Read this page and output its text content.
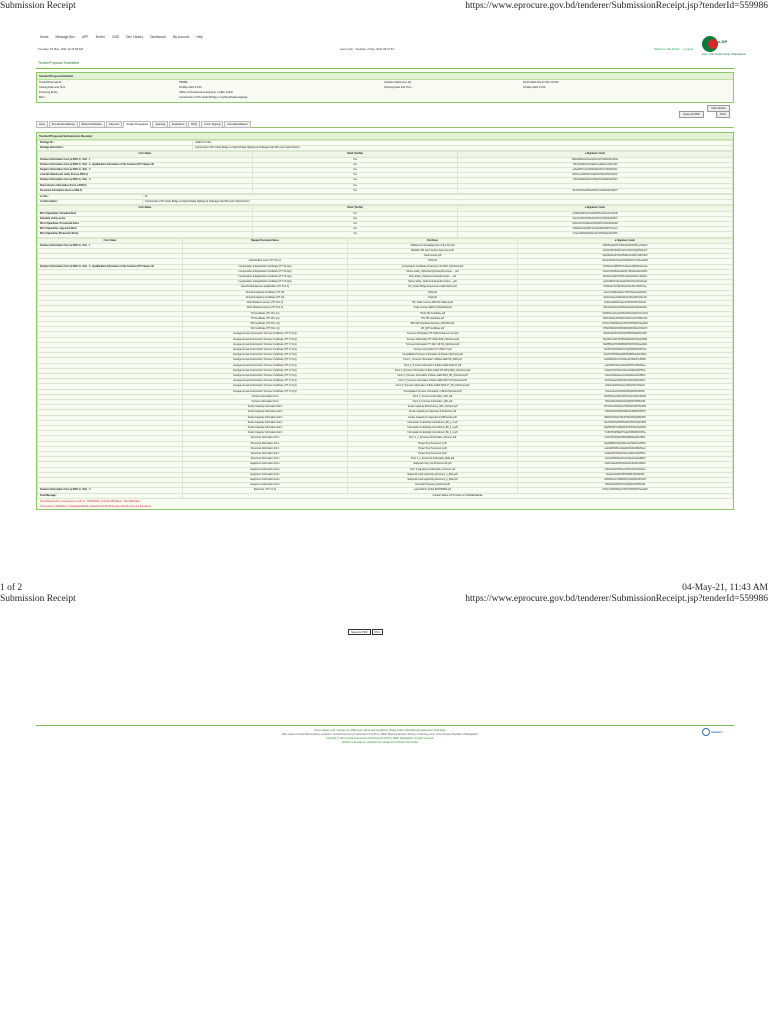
Submission Receipt	https://www.eprocure.gov.bd/tenderer/SubmissionReceipt.jsp?tenderId=559986
Home Message Box APP Tender CMS Dev. History Dashboard My Account Help
e-GP
Govt. of the People's Rep. of Bangladesh
Tuesday, 04 May, 2021 11:42:58 AM	Last Login : Tuesday, 4 May, 2021 09:47:51	Welcome, Mir Fazlul ... | Logout
Tender/Proposal Submitted
Tender/Proposal Details
Tender/Proposal ID :	559986	Invitation Reference No :	46.02.9100.031.07.001.20-300
Closing Date and Time :	18-May-2021 12:00	Opening Date and Time :	18-May-2021 12:00
Procuring Entity :	Office of the Executive Engineer, LGED, Sylhet
Brief :	Construction of PC Girder Bridge on Sylhet-Dhaka Highway...
View Notice
Save As PDF	Print
Docs	Pre-Tender Meeting	Bank Certification	Payment	Tender Preparation	Opening	Evaluation	BOQ	Contr. Signing	Complaint/Report
Tender/Proposal Submission Receipt
Package No. :	LGED-SYL-001
Package Description :	Construction of PC Girder Bridge on Sylhet-Dhaka Highway at Chainage 122+500 under Sylhet District
Form Name	Filled (Yes/No)	e-Signature / Hash
Tenderer Information Form (e-PW2-1) - Part - 1	Yes	88d1d6598e4eb5a1c0e8b4c91f75d9b25b14a61a
Tenderer Information Form (e-PW2-1) - Part - 2 - Qualification Information of the Tenderer (ITT Clause 16)	Yes	7f9c3a1b82bd5c0e19a6f7e14d8be2c33a5719f0
Tenderer Information Form (e-PW2-1) - Part - 3	Yes	a16ae8f5b7e2c04d5319fa8e6bd71c5f02934c81
e-Tender Submission Letter Form (e-PW2-1)	Yes	b8d4c1ea0f926b37e5a18c3d7f49e62b5d1c80a7
Tenderer Information Form (e-PW2-1) - Part - 4	Yes	c1f57e3a9d04b8e21c6f5a97b3e0d84c6a27f915
Subcontractor Information (Form e-PW2-5)	Yes	
Personnel Information (Form e-PW2-4)	Yes	d5e27b09c4a16f83e92b5d7c1a0f46e8b3c95d27
Lot No. :	01
Lot Description :	Construction of PC Girder Bridge on Sylhet-Dhaka Highway at Chainage 122+500 under Sylhet District
Form Name	Filled (Yes/No)	e-Signature / Hash
Bill of Quantities: Schedule Work	Yes	e93a6b5d2f8c417e0a9d3b6f5c28e41a7b0d9c36
Schedule of Day works	Yes	f18c4d7a0b6e953f2c8a1d5b7e04f39c6a2d8b15
Bill of Quantities: Provisional Sums	Yes	0a5e9c3b7d1f284e6c0b3a9d5f71e28c4b6a0d93
Bill of Quantities: Approach Work	Yes	1b6f0d4c8e2a395f7d1c4b0e6a82f39d5c7b1ea4
Bill of Quantities (Protection Work)	Yes	2c7a1e5d9f3b406a8e2d5c1f7b93a40e6d8c2fb5
Form Name	Mapped Document Name	File Name	e-Signature / Hash
Tenderer Information Form (e-PW2-1) - Part - 1		Affidavit & Undertaking letter of the firm.pdf	3d8b2f6eaa04517b9f3e6d2a8c0b4f51e7d9a3c6
		Mahaber Mfr Joint Venture Agreement.pdf	4e9c3a7f0b15628c0a4f7e3b9d1c5a62f8e0b4d7
		Trade license.pdf	5fad4b8a1c26739d1b5a8f4c0e2d6b73a9f1c5e8
	Authorization Letter (ITT 18.1.c)	POA.pdf	6abe5c9b2d3784ae2c6b9a5d1f3e7c84baa2d6f9
Tenderer Information Form (e-PW2-1) - Part - 2 - Qualification Information of the Tenderer (ITT Clause 16)	Incorporation & Registration Certificate (ITT 16.1(a))	Incorporation Certificate of Farmers Ltd 2020_Optimized.pdf	7bcf6dac3e4895bf3d7cab6e2a4f8d95cbb3e7aa
	Incorporation & Registration Certificate (ITT 16.1(a))	Memo article_Optimized (2)-ilovepdf-compre... .pdf	8cda7ebd4f59a6ca4e8dbc7f3b5a9ea6dcc4f8bb
	Incorporation & Registration Certificate (ITT 16.1(a))	Mem article_Optimized ilovepdf-compre... .pdf	9deb8fce5a6ab7db5f9ecd8a4c6bafb7edd5a9cc
	Incorporation & Registration Certificate (ITT 16.1(a))	Memo article_Optimized ilovepdf-compre... .pdf	aefc9adf6b7bc8ec6aafde9b5d7cb0c8fee6badd
	Specific Manufacturer Qualification (ITT 16.1.3)	PC_Girder Bridge Experience LGED Sylhet.pdf	bf0daba07c8cd9fd7bb0ef0c6e8dc1d90ff7cbee
	Financial Capacity Certificate (ITT 18)	PQA.pdf	c01ebcb18d9deafe8cc1f01d7f9ed2ea10a8dcff
	Financial Capacity Certificate (ITT 18)	PQA.pdf	d12fcdc29eaefb0f9dd20e2e80aef3fb21b9ed10
	Work Related Licences (ITT 18.1.h)	VR_Trade License 2020-21 Fhakera.pdf	e230ded3afbf0c10aee31f3f91bf04fc32cafe21
	Work Related Licences (ITT 18.1.h)	Trade License 2020-21 Shoktisitfy.pdf	f341efe4b0c01d21bff4204aa2c015ad43dbaf32
	TIN Certificate (ITT 18.1.(c))	TIN E-TIN Certificate.pdf	0452f0f5c1d12e32c005315bb3d126be54ecb043
	TIN Certificate (ITT 18.1.(c))	TIN TIN Certificate.pdf	1563010a62e23f43d116426cc4e237cf65fdc154
	VAT Certificate (ITT 18.1.(c))	BIN VAT Certificate Farmers_2021 BIN.pdf	267412178f3f4054e2275370d5f348d076aed265
	VAT Certificate (ITT 18.1.(c))	VR_VAT Certificate.pdf	3785232890405165f338648f1f0459e187bfe376
	Average Annual Construction Turnover Certificate (ITT 17.1(c))	Turnover Information ITT 2019-20 Farmers Ltd.pdf	4896343901516276f449759f2f156af298c0f487
	Average Annual Construction Turnover Certificate (ITT 17.1(c))	Turnover Information ITT 2018-2019_Optimized.pdf	59a7454a12627387f55a86af3f267bf3a9d1f598
	Average Annual Construction Turnover Certificate (ITT 17.1(c))	Turnover Information ITT 2017-18 VR_Optimized.pdf	6ab8565b23738498f66b97bf4f378cf4bae2f6a9
	Average Annual Construction Turnover Certificate (ITT 17.1(c))	Turnover Information ITT 2016-17.pdf	7bc9676c348495a9f77ca8cf5f489df5cbf3f7ba
	Average Annual Construction Turnover Certificate (ITT 17.1(c))	Consolidated Turnover Information of Shaker Optimized.pdf	8cda787d45960abaf88db9df6f59aef6dcf4f8cb
	Average Annual Construction Turnover Certificate (ITT 17.1(c))	Form 1_Turnover information of Bola LGED VR_2020.pdf	9deb898e56a71bcbf99eca0f7f6abff7edf5f9dc
	Average Annual Construction Turnover Certificate (ITT 17.1(c))	Form 2_Turnover Information of Bola LGED 2020-21.pdf	aefc9a9f67b82cdc0aafdb1f8f7bc0f8fef6faed
	Average Annual Construction Turnover Certificate (ITT 17.1(c))	Form 3_Turnover Information of Bola LGED VR 2019-2020_Optimized.pdf	bf0dabaf78c93ded1bb0ec2f9f8cd1f90ff7fbfe
	Average Annual Construction Turnover Certificate (ITT 17.1(c))	Form 4_Turnover Information of Bola LGED 2018_VR_Optimized.pdf	c01ebcbf89da4efe2cc1fd3fafade2fa10f8fc0f
	Average Annual Construction Turnover Certificate (ITT 17.1(c))	Form 5_Turnover Information of Bola LGED 2017-18 Optimized.pdf	d12fcdcf9aeb5f0f3dd20e4fbfbef3fb21f9fd10
	Average Annual Construction Turnover Certificate (ITT 17.1(c))	Form 6_Turnover Information of Bola LGED 2016-17_VR_Optimized.pdf	e230dedfabfc6f10aee31f5fcfcf04fc32fafe21
	Average Annual Construction Turnover Certificate (ITT 17.1(c))	Consolidated Turnover Information of Bola Optimized.pdf	f341efefbc0d7f21bff4206fdfd015fd43fbff32
	Turnover Information Form	Form 1_Turnover information_GPL.pdf	0452f0f0cd1e8f32c005317fe0e126fe54fcf043
	Turnover Information Form	Form 2_Turnover Information_GPL.pdf	1563010fde2f9f43d116428ff1f237ff65fdf154
	Tender Capacity Information Form	Tender Capacity Performance_GPL_Farmers.pdf	2674121fef30af54e227539f02f348f076fef265
	Tender Capacity Information Form	Tender Capacity for Approach & Protection.pdf	378523200f41bf65f33864af13f459f187fff376
	Tender Capacity Information Form	Tender Capacity for Approach & PROtection.pdf	4896343f1052cf76f44975bf24f56af298f0f487
	Tender Capacity Information Form	Information for Existing Commitment_Bit_1_1.pdf	59a7454f2163df87f55a86cf35f67bf3a9f1f598
	Tender Capacity Information Form	Information for Existing Commitment_Bit_2_1.pdf	6ab8565f3274ef98f66b97df46f78cf4baf2f6a9
	Tender Capacity Information Form	Information for Existing Commitment_Bit_3_1.pdf	7bc9676f4385ffa9f77ca8ef57f89df5cbf3f7ba
	Personnel Information Form	Form 1_1_Personnel Information_Farmers.pdf	8cda787f5496fab0f88db9ff68f9aef6dcf4f8cb
	Personnel Information Form	Project Key Personnel 1.pdf	9deb898f65a70bc1f99eca0f79fabff7edf5f9dc
	Personnel Information Form	Project Key Personnel 2.pdf	aefc9a9f76b81cd20aafdb1f8afbc0f8fef6faed
	Personnel Information Form	Project Key Personnel 3.pdf	bf0dabaf87c92de31bb0ec2f9bfcd1f90ff7fbfe
	Personnel Information Form	Form 1_1_Personnel Information_Bola.pdf	c01ebcbf98da3ef42cc1fd3facfde2fa10f8fc0f
	Equipment Information Form	Equipment Key List Personnel 01.pdf	d12fcdcfa9eb4f053dd20e4fbdfef3fb21f9fd10
	Equipment Information Form	Form 5_Equipment Information_Farmers.pdf	e230dedfbafc5f164ee31f5fcefb04fc32fafe21
	Equipment Information Form	Equipment and supporting document_1_Bola.pdf	f341efefcb0d6f275ff4206fdffc15fd43fbff32
	Equipment Information Form	Equipment and supporting document_2_Bola.pdf	0452f0f0dc1e7f386005317fe0fd26fe54fcf043
	Equipment Information Form	Technical Proposal_Optimized.pdf	1563010fed2f8f497116428ff1fe37ff65fdf154
Tenderer Information Form (e-PW2-1) - Part - 4	Bank Gtm. (ITT 2.1.3)	Letter Bid for Guttar Bl DHKDBS.pdf	267412178f3f4054e2275370d5f348d076aed265
Final Message :	Contract Name of PC Girder on Pinakhali Baluka		
Final Submission is received by e-GP on : 04/05/2021 11:42:57 AM Status : Not Withdrawn
If you want to Withdraw or Substitute/Modify submitted Tender/Proposal, click the relevant link above
1 of 2	04-May-21, 11:43 AM
Submission Receipt	https://www.eprocure.gov.bd/tenderer/SubmissionReceipt.jsp?tenderId=559986
Save As PDF	Print
Home | About e-GP | Contact Us | RSS Feed | Terms and Conditions | Privacy Policy | Mandatory Requirements | Help Desk
Best viewed in 1024x768 and above resolution. Central Procurement Technical Unit (CPTU), IMED, Planning Division, Ministry of Planning, Govt. of the People's Republic of Bangladesh
Copyright © 2010 Central Procurement Technical Unit (CPTU), IMED, Bangladesh. All rights reserved.
Website is developed, maintained and designed by Dohatec New Media
dohatec
